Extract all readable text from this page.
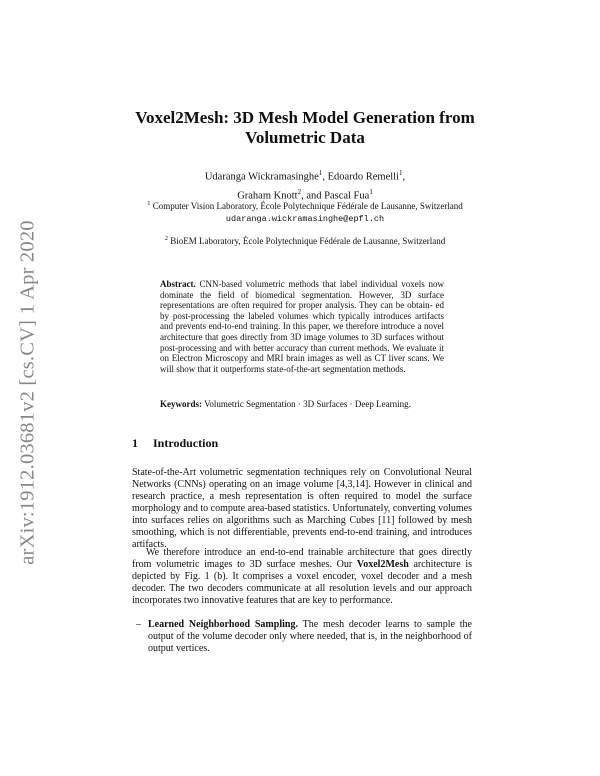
arXiv:1912.03681v2 [cs.CV] 1 Apr 2020
Voxel2Mesh: 3D Mesh Model Generation from Volumetric Data
Udaranga Wickramasinghe$^1$, Edoardo Remelli$^1$,
Graham Knott$^2$, and Pascal Fua$^1$
$^1$ Computer Vision Laboratory, École Polytechnique Fédérale de Lausanne, Switzerland
udaranga.wickramasinghe@epfl.ch
$^2$ BioEM Laboratory, École Polytechnique Fédérale de Lausanne, Switzerland

Abstract. CNN-based volumetric methods that label individual voxels now dominate the field of biomedical segmentation. However, 3D surface representations are often required for proper analysis. They can be obtain- ed by post-processing the labeled volumes which typically introduces artifacts and prevents end-to-end training. In this paper, we therefore introduce a novel architecture that goes directly from 3D image volumes to 3D surfaces without post-processing and with better accuracy than current methods. We evaluate it on Electron Microscopy and MRI brain images as well as CT liver scans. We will show that it outperforms state-of-the-art segmentation methods.

Keywords: Volumetric Segmentation · 3D Surfaces · Deep Learning.

1 Introduction

State-of-the-Art volumetric segmentation techniques rely on Convolutional Neural Networks (CNNs) operating on an image volume [4,3,14]. However in clinical and research practice, a mesh representation is often required to model the surface morphology and to compute area-based statistics. Unfortunately, converting volumes into surfaces relies on algorithms such as Marching Cubes [11] followed by mesh smoothing, which is not differentiable, prevents end-to-end training, and introduces artifacts.

We therefore introduce an end-to-end trainable architecture that goes directly from volumetric images to 3D surface meshes. Our Voxel2Mesh architecture is depicted by Fig. 1 (b). It comprises a voxel encoder, voxel decoder and a mesh decoder. The two decoders communicate at all resolution levels and our approach incorporates two innovative features that are key to performance.

– Learned Neighborhood Sampling. The mesh decoder learns to sample the output of the volume decoder only where needed, that is, in the neighborhood of output vertices.
